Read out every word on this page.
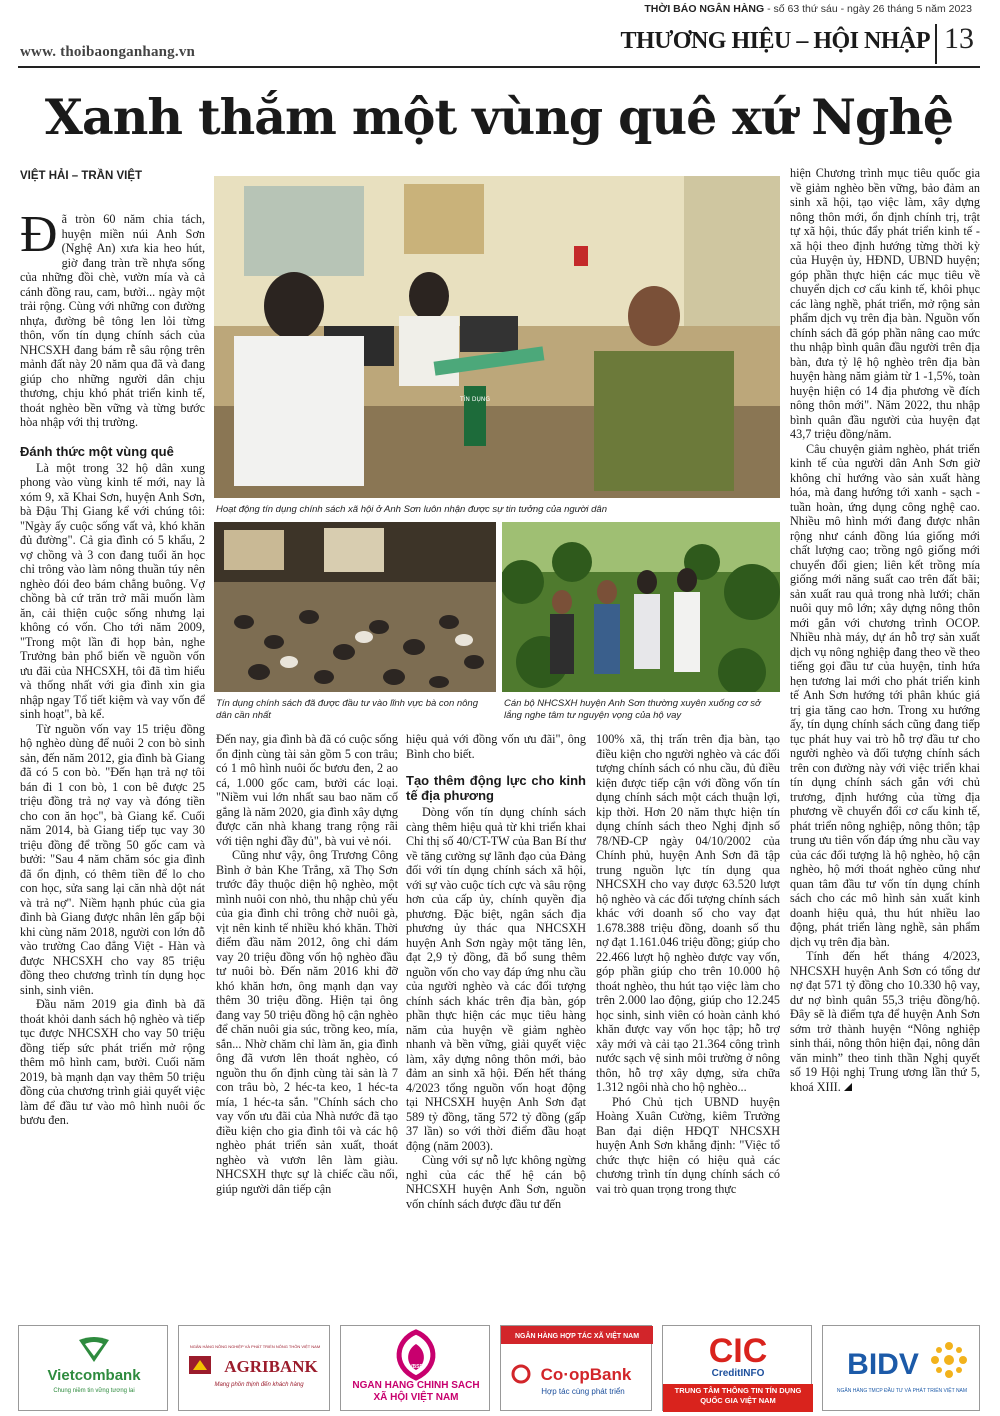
THỜI BÁO NGÂN HÀNG - số 63 thứ sáu - ngày 26 tháng 5 năm 2023
www. thoibaonganhang.vn	THƯƠNG HIỆU – HỘI NHẬP 13
Xanh thắm một vùng quê xứ Nghệ
VIỆT HẢI – TRẦN VIỆT

Đã tròn 60 năm chia tách, huyện miền núi Anh Sơn (Nghệ An) xưa kia heo hút, giờ đang tràn trề nhựa sống của những đồi chè, vườn mía và cả cánh đồng rau, cam, bưởi... ngày một trải rộng. Cùng với những con đường nhựa, đường bê tông len lỏi từng thôn, vốn tín dụng chính sách của NHCSXH đang bám rễ sâu rộng trên mảnh đất này 20 năm qua đã và đang giúp cho những người dân chịu thương, chịu khó phát triển kinh tế, thoát nghèo bền vững và từng bước hòa nhập với thị trường.

Đánh thức một vùng quê

Là một trong 32 hộ dân xung phong vào vùng kinh tế mới, nay là xóm 9, xã Khai Sơn, huyện Anh Sơn, bà Đậu Thị Giang kể với chúng tôi: "Ngày ấy cuộc sống vất vả, khó khăn đủ đường". Cả gia đình có 5 khẩu, 2 vợ chồng và 3 con đang tuổi ăn học chỉ trông vào làm nông thuần túy nên nghèo đói đeo bám chẳng buông. Vợ chồng bà cứ trăn trở mãi muốn làm ăn, cải thiện cuộc sống nhưng lại không có vốn. Cho tới năm 2009, "Trong một lần đi họp bản, nghe Trưởng bản phổ biến về nguồn vốn ưu đãi của NHCSXH, tôi đã tìm hiểu và thống nhất với gia đình xin gia nhập ngay Tổ tiết kiệm và vay vốn để sinh hoạt", bà kể.

Từ nguồn vốn vay 15 triệu đồng hộ nghèo dùng để nuôi 2 con bò sinh sản, đến năm 2012, gia đình bà Giang đã có 5 con bò. "Đến hạn trả nợ tôi bán đi 1 con bò, 1 con bê được 25 triệu đồng trả nợ vay và đóng tiền cho con ăn học", bà Giang kể. Cuối năm 2014, bà Giang tiếp tục vay 30 triệu đồng để trồng 50 gốc cam và bưởi: "Sau 4 năm chăm sóc gia đình đã ổn định, có thêm tiền để lo cho con học, sửa sang lại căn nhà dột nát và trả nợ". Niềm hạnh phúc của gia đình bà Giang được nhân lên gấp bội khi cùng năm 2018, người con lớn đỗ vào trường Cao đẳng Việt - Hàn và được NHCSXH cho vay 85 triệu đồng theo chương trình tín dụng học sinh, sinh viên.

Đầu năm 2019 gia đình bà đã thoát khỏi danh sách hộ nghèo và tiếp tục được NHCSXH cho vay 50 triệu đồng tiếp sức phát triển mở rộng thêm mô hình cam, bưởi. Cuối năm 2019, bà mạnh dạn vay thêm 50 triệu đồng của chương trình giải quyết việc làm để đầu tư vào mô hình nuôi ốc bươu đen.

TÍN DỤNG
Hoạt động tín dụng chính sách xã hội ở Anh Sơn luôn nhận được sự tin tưởng của người dân
Tín dụng chính sách đã được đầu tư vào lĩnh vực bà con nông dân cần nhất
Cán bộ NHCSXH huyện Anh Sơn thường xuyên xuống cơ sở lắng nghe tâm tư nguyện vọng của hộ vay

Đến nay, gia đình bà đã có cuộc sống ổn định cùng tài sản gồm 5 con trâu; có 1 mô hình nuôi ốc bươu đen, 2 ao cá, 1.000 gốc cam, bưởi các loại. "Niềm vui lớn nhất sau bao năm cố gắng là năm 2020, gia đình xây dựng được căn nhà khang trang rộng rãi với tiện nghi đầy đủ", bà vui vẻ nói.

Cũng như vậy, ông Trương Công Bình ở bản Khe Trẳng, xã Thọ Sơn trước đây thuộc diện hộ nghèo, một mình nuôi con nhỏ, thu nhập chủ yếu của gia đình chỉ trông chờ nuôi gà, vịt nên kinh tế nhiều khó khăn. Thời điểm đầu năm 2012, ông chỉ dám vay 20 triệu đồng vốn hộ nghèo đầu tư nuôi bò. Đến năm 2016 khi đỡ khó khăn hơn, ông mạnh dạn vay thêm 30 triệu đồng. Hiện tại ông đang vay 50 triệu đồng hộ cận nghèo để chăn nuôi gia súc, trồng keo, mía, sắn... Nhờ chăm chỉ làm ăn, gia đình ông đã vươn lên thoát nghèo, có nguồn thu ổn định cùng tài sản là 7 con trâu bò, 2 héc-ta keo, 1 héc-ta mía, 1 héc-ta sắn. "Chính sách cho vay vốn ưu đãi của Nhà nước đã tạo điều kiện cho gia đình tôi và các hộ nghèo phát triển sản xuất, thoát nghèo và vươn lên làm giàu. NHCSXH thực sự là chiếc cầu nối, giúp người dân tiếp cận

hiệu quả với đồng vốn ưu đãi", ông Bình cho biết.

Tạo thêm động lực cho kinh tế địa phương

Dòng vốn tín dụng chính sách càng thêm hiệu quả từ khi triển khai Chỉ thị số 40/CT-TW của Ban Bí thư về tăng cường sự lãnh đạo của Đảng đối với tín dụng chính sách xã hội, với sự vào cuộc tích cực và sâu rộng hơn của cấp ủy, chính quyền địa phương. Đặc biệt, ngân sách địa phương ủy thác qua NHCSXH huyện Anh Sơn ngày một tăng lên, đạt 2,9 tỷ đồng, đã bổ sung thêm nguồn vốn cho vay đáp ứng nhu cầu của người nghèo và các đối tượng chính sách khác trên địa bàn, góp phần thực hiện các mục tiêu hàng năm của huyện về giảm nghèo nhanh và bền vững, giải quyết việc làm, xây dựng nông thôn mới, bảo đảm an sinh xã hội. Đến hết tháng 4/2023 tổng nguồn vốn hoạt động tại NHCSXH huyện Anh Sơn đạt 589 tỷ đồng, tăng 572 tỷ đồng (gấp 37 lần) so với thời điểm đầu hoạt động (năm 2003).

Cùng với sự nỗ lực không ngừng nghỉ của các thế hệ cán bộ NHCSXH huyện Anh Sơn, nguồn vốn chính sách được đầu tư đến

100% xã, thị trấn trên địa bàn, tạo điều kiện cho người nghèo và các đối tượng chính sách có nhu cầu, đủ điều kiện được tiếp cận với đồng vốn tín dụng chính sách một cách thuận lợi, kịp thời. Hơn 20 năm thực hiện tín dụng chính sách theo Nghị định số 78/NĐ-CP ngày 04/10/2002 của Chính phủ, huyện Anh Sơn đã tập trung nguồn lực tín dụng qua NHCSXH cho vay được 63.520 lượt hộ nghèo và các đối tượng chính sách khác với doanh số cho vay đạt 1.678.388 triệu đồng, doanh số thu nợ đạt 1.161.046 triệu đồng; giúp cho 22.466 lượt hộ nghèo được vay vốn, góp phần giúp cho trên 10.000 hộ thoát nghèo, thu hút tạo việc làm cho trên 2.000 lao động, giúp cho 12.245 học sinh, sinh viên có hoàn cảnh khó khăn được vay vốn học tập; hỗ trợ xây mới và cải tạo 21.364 công trình nước sạch vệ sinh môi trường ở nông thôn, hỗ trợ xây dựng, sửa chữa 1.312 ngôi nhà cho hộ nghèo...

Phó Chủ tịch UBND huyện Hoàng Xuân Cường, kiêm Trưởng Ban đại diện HĐQT NHCSXH huyện Anh Sơn khẳng định: "Việc tổ chức thực hiện có hiệu quả các chương trình tín dụng chính sách có vai trò quan trọng trong thực

hiện Chương trình mục tiêu quốc gia về giảm nghèo bền vững, bảo đảm an sinh xã hội, tạo việc làm, xây dựng nông thôn mới, ổn định chính trị, trật tự xã hội, thúc đẩy phát triển kinh tế - xã hội theo định hướng từng thời kỳ của Huyện ủy, HĐND, UBND huyện; góp phần thực hiện các mục tiêu về chuyển dịch cơ cấu kinh tế, khôi phục các làng nghề, phát triển, mở rộng sản phẩm dịch vụ trên địa bàn. Nguồn vốn chính sách đã góp phần nâng cao mức thu nhập bình quân đầu người trên địa bàn, đưa tỷ lệ hộ nghèo trên địa bàn huyện hàng năm giảm từ 1 -1,5%, toàn huyện hiện có 14 địa phương về đích nông thôn mới". Năm 2022, thu nhập bình quân đầu người của huyện đạt 43,7 triệu đồng/năm.

Câu chuyện giảm nghèo, phát triển kinh tế của người dân Anh Sơn giờ không chỉ hướng vào sản xuất hàng hóa, mà đang hướng tới xanh - sạch - tuần hoàn, ứng dụng công nghệ cao. Nhiều mô hình mới đang được nhân rộng như cánh đồng lúa giống mới chất lượng cao; trồng ngô giống mới chuyển đổi gien; liên kết trồng mía giống mới năng suất cao trên đất bãi; sản xuất rau quả trong nhà lưới; chăn nuôi quy mô lớn; xây dựng nông thôn mới gắn với chương trình OCOP. Nhiều nhà máy, dự án hỗ trợ sản xuất dịch vụ nông nghiệp đang theo về theo tiếng gọi đầu tư của huyện, tỉnh hứa hẹn tương lai mới cho phát triển kinh tế Anh Sơn hướng tới phân khúc giá trị gia tăng cao hơn. Trong xu hướng ấy, tín dụng chính sách cũng đang tiếp tục phát huy vai trò hỗ trợ đầu tư cho người nghèo và đối tượng chính sách trên con đường này với việc triển khai tín dụng chính sách gắn với chủ trương, định hướng của từng địa phương về chuyển đổi cơ cấu kinh tế, phát triển nông nghiệp, nông thôn; tập trung ưu tiên vốn đáp ứng nhu cầu vay của các đối tượng là hộ nghèo, hộ cận nghèo, hộ mới thoát nghèo cũng như quan tâm đầu tư vốn tín dụng chính sách cho các mô hình sản xuất kinh doanh hiệu quả, thu hút nhiều lao động, phát triển làng nghề, sản phẩm dịch vụ trên địa bàn.

Tính đến hết tháng 4/2023, NHCSXH huyện Anh Sơn có tổng dư nợ đạt 571 tỷ đồng cho 10.330 hộ vay, dư nợ bình quân 55,3 triệu đồng/hộ. Đây sẽ là điểm tựa để huyện Anh Sơn sớm trở thành huyện “Nông nghiệp sinh thái, nông thôn hiện đại, nông dân văn minh” theo tinh thần Nghị quyết số 19 Hội nghị Trung ương lần thứ 5, khoá XIII.

Vietcombank
Chung niềm tin vững tương lai
NGÂN HÀNG NÔNG NGHIỆP VÀ PHÁT TRIỂN NÔNG THÔN VIỆT NAM
AGRIBANK
Mang phồn thịnh đến khách hàng
VBSP
NGÂN HÀNG CHÍNH SÁCH XÃ HỘI VIỆT NAM
NGÂN HÀNG HỢP TÁC XÃ VIỆT NAM
Co·opBank
Hợp tác cùng phát triển
CIC
CreditINFO
TRUNG TÂM THÔNG TIN TÍN DỤNG QUỐC GIA VIỆT NAM
BIDV
NGÂN HÀNG TMCP ĐẦU TƯ VÀ PHÁT TRIỂN VIỆT NAM
